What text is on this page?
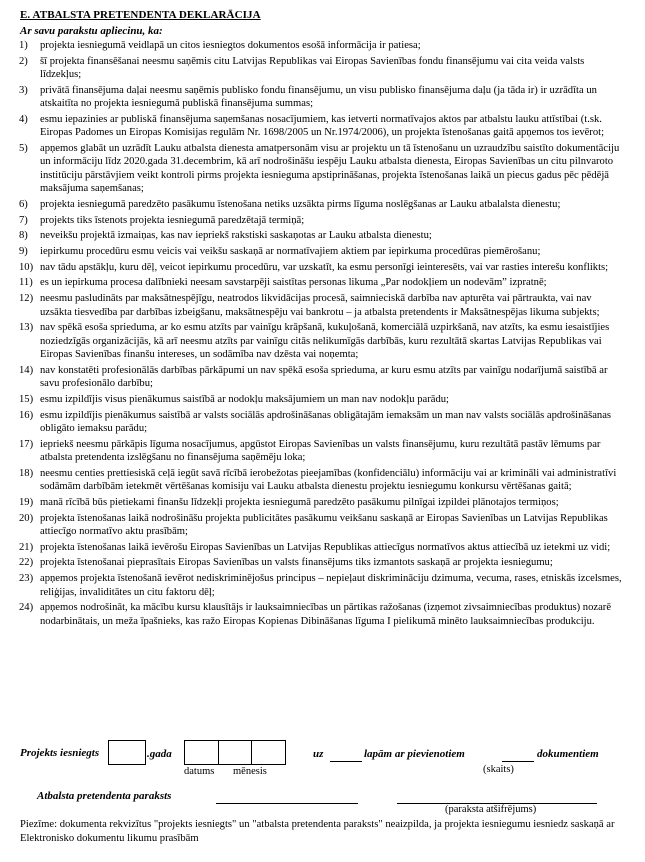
E. ATBALSTA PRETENDENTA DEKLARĀCIJA
Ar savu parakstu apliecinu, ka:
1) projekta iesniegumā veidlapā un citos iesniegtos dokumentos esošā informācija ir patiesa;
2) šī projekta finansēšanai neesmu saņēmis citu Latvijas Republikas vai Eiropas Savienības fondu finansējumu vai cita veida valsts līdzekļus;
3) privātā finansējuma daļai neesmu saņēmis publisko fondu finansējumu, un visu publisko finansējuma daļu (ja tāda ir) ir uzrādīta un atskaitīta no projekta iesniegumā publiskā finansējuma summas;
4) esmu iepazinies ar publiskā finansējuma saņemšanas nosacījumiem, kas ietverti normatīvajos aktos par atbalstu lauku attīstībai (t.sk. Eiropas Padomes un Eiropas Komisijas regulām Nr. 1698/2005 un Nr.1974/2006), un projekta īstenošanas gaitā apņemos tos ievērot;
5) apņemos glabāt un uzrādīt Lauku atbalsta dienesta amatpersonām visu ar projektu un tā īstenošanu un uzraudzību saistīto dokumentāciju un informāciju līdz 2020.gada 31.decembrim, kā arī nodrošināšu iespēju Lauku atbalsta dienesta, Eiropas Savienības un citu pilnvaroto institūciju pārstāvjiem veikt kontroli pirms projekta iesnieguma apstiprināšanas, projekta īstenošanas laikā un piecus gadus pēc pēdējā maksājuma saņemšanas;
6) projekta iesniegumā paredzēto pasākumu īstenošana netiks uzsākta pirms līguma noslēgšanas ar Lauku atbalalsta dienestu;
7) projekts tiks īstenots projekta iesniegumā paredzētajā termiņā;
8) neveikšu projektā izmaiņas, kas nav iepriekš rakstiski saskaņotas ar Lauku atbalsta dienestu;
9) iepirkumu procedūru esmu veicis vai veikšu saskaņā ar normatīvajiem aktiem par iepirkuma procedūras piemērošanu;
10) nav tādu apstākļu, kuru dēļ, veicot iepirkumu procedūru, var uzskatīt, ka esmu personīgi ieinteresēts, vai var rasties interešu konflikts;
11) es un iepirkuma procesa dalībnieki neesam savstarpēji saistītas personas likuma „Par nodokļiem un nodevām” izpratnē;
12) neesmu pasludināts par maksātnespējīgu, neatrodos likvidācijas procesā, saimnieciskā darbība nav apturēta vai pārtraukta, vai nav uzsākta tiesvedība par darbības izbeigšanu, maksātnespēju vai bankrotu – ja atbalsta pretendents ir Maksātnespējas likuma subjekts;
13) nav spēkā esoša sprieduma, ar ko esmu atzīts par vainīgu krāpšanā, kukuļošanā, komerciālā uzpirkšanā, nav atzīts, ka esmu iesaistījies noziedzīgās organizācijās, kā arī neesmu atzīts par vainīgu citās nelikumīgās darbībās, kuru rezultātā skartas Latvijas Republikas vai Eiropas Savienības finanšu intereses, un sodāmība nav dzēsta vai noņemta;
14) nav konstatēti profesionālās darbības pārkāpumi un nav spēkā esoša sprieduma, ar kuru esmu atzīts par vainīgu nodarījumā saistībā ar savu profesionālo darbību;
15) esmu izpildījis visus pienākumus saistībā ar nodokļu maksājumiem un man nav nodokļu parādu;
16) esmu izpildījis pienākumus saistībā ar valsts sociālās apdrošināšanas obligātajām iemaksām un man nav valsts sociālās apdrošināšanas obligāto iemaksu parādu;
17) iepriekš neesmu pārkāpis līguma nosacījumus, apgūstot Eiropas Savienības un valsts finansējumu, kuru rezultātā pastāv lēmums par atbalsta pretendenta izslēgšanu no finansējuma saņēmēju loka;
18) neesmu centies prettiesiskā ceļā iegūt savā rīcībā ierobežotas pieejamības (konfidenciālu) informāciju vai ar krimināli vai administratīvi sodāmām darbībām ietekmēt vērtēšanas komisiju vai Lauku atbalsta dienestu projektu iesniegumu konkursu vērtēšanas gaitā;
19) manā rīcībā būs pietiekami finanšu līdzekļi projekta iesniegumā paredzēto pasākumu pilnīgai izpildei plānotajos termiņos;
20) projekta īstenošanas laikā nodrošināšu projekta publicitātes pasākumu veikšanu saskaņā ar Eiropas Savienības un Latvijas Republikas attiecīgo normatīvo aktu prasībām;
21) projekta īstenošanas laikā ievērošu Eiropas Savienības un Latvijas Republikas attiecīgus normatīvos aktus attiecībā uz ietekmi uz vidi;
22) projekta īstenošanai pieprasītais Eiropas Savienības un valsts finansējums tiks izmantots saskaņā ar projekta iesniegumu;
23) apņemos projekta īstenošanā ievērot nediskriminējošus principus – nepieļaut diskrimināciju dzimuma, vecuma, rases, etniskās izcelsmes, reliģijas, invaliditātes un citu faktoru dēļ;
24) apņemos nodrošināt, ka mācību kursu klausītājs ir lauksaimniecības un pārtikas ražošanas (izņemot zivsaimniecības produktus) nozarē nodarbinātais, un meža īpašnieks, kas ražo Eiropas Kopienas Dibināšanas līguma I pielikumā minēto lauksaimniecības produkciju.
Projekts iesniegts	.gada
datums mēnesis
uz	lapām ar pievienotiem	dokumentiem
(skaits)
Atbalsta pretendenta paraksts
(paraksta atšifrējums)
Piezīme: dokumenta rekvizītus "projekts iesniegts" un "atbalsta pretendenta paraksts" neaizpilda, ja projekta iesniegumu iesniedz saskaņā ar Elektronisko dokumentu likumu prasībām
